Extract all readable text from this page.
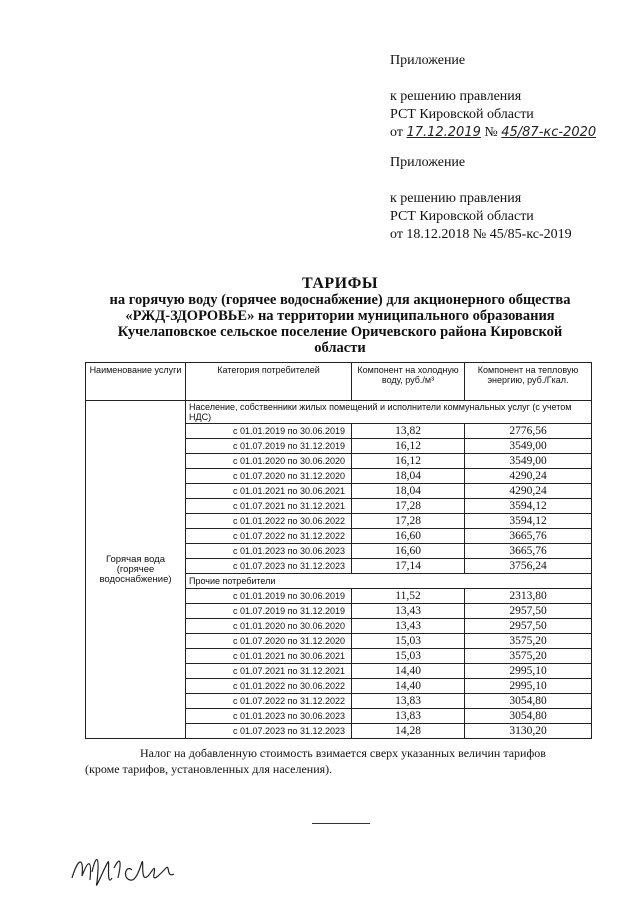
Приложение
к решению правления
РСТ Кировской области
от 17.12.2019 № 45/87-кс-2020
Приложение
к решению правления
РСТ Кировской области
от 18.12.2018 № 45/85-кс-2019
ТАРИФЫ
на горячую воду (горячее водоснабжение) для акционерного общества
«РЖД-ЗДОРОВЬЕ» на территории муниципального образования
Кучелаповское сельское поселение Оричевского района Кировской
области
Наименование услуги	Категория потребителей	Компонент на холодную воду, руб./м³	Компонент на тепловую энергию, руб./Гкал.
Горячая вода (горячее водоснабжение)	Население, собственники жилых помещений и исполнители коммунальных услуг (с учетом НДС)		
	с 01.01.2019 по 30.06.2019	13,82	2776,56
	с 01.07.2019 по 31.12.2019	16,12	3549,00
	с 01.01.2020 по 30.06.2020	16,12	3549,00
	с 01.07.2020 по 31.12.2020	18,04	4290,24
	с 01.01.2021 по 30.06.2021	18,04	4290,24
	с 01.07.2021 по 31.12.2021	17,28	3594,12
	с 01.01.2022 по 30.06.2022	17,28	3594,12
	с 01.07.2022 по 31.12.2022	16,60	3665,76
	с 01.01.2023 по 30.06.2023	16,60	3665,76
	с 01.07.2023 по 31.12.2023	17,14	3756,24
	Прочие потребители		
	с 01.01.2019 по 30.06.2019	11,52	2313,80
	с 01.07.2019 по 31.12.2019	13,43	2957,50
	с 01.01.2020 по 30.06.2020	13,43	2957,50
	с 01.07.2020 по 31.12.2020	15,03	3575,20
	с 01.01.2021 по 30.06.2021	15,03	3575,20
	с 01.07.2021 по 31.12.2021	14,40	2995,10
	с 01.01.2022 по 30.06.2022	14,40	2995,10
	с 01.07.2022 по 31.12.2022	13,83	3054,80
	с 01.01.2023 по 30.06.2023	13,83	3054,80
	с 01.07.2023 по 31.12.2023	14,28	3130,20
Налог на добавленную стоимость взимается сверх указанных величин тарифов
(кроме тарифов, установленных для населения).
